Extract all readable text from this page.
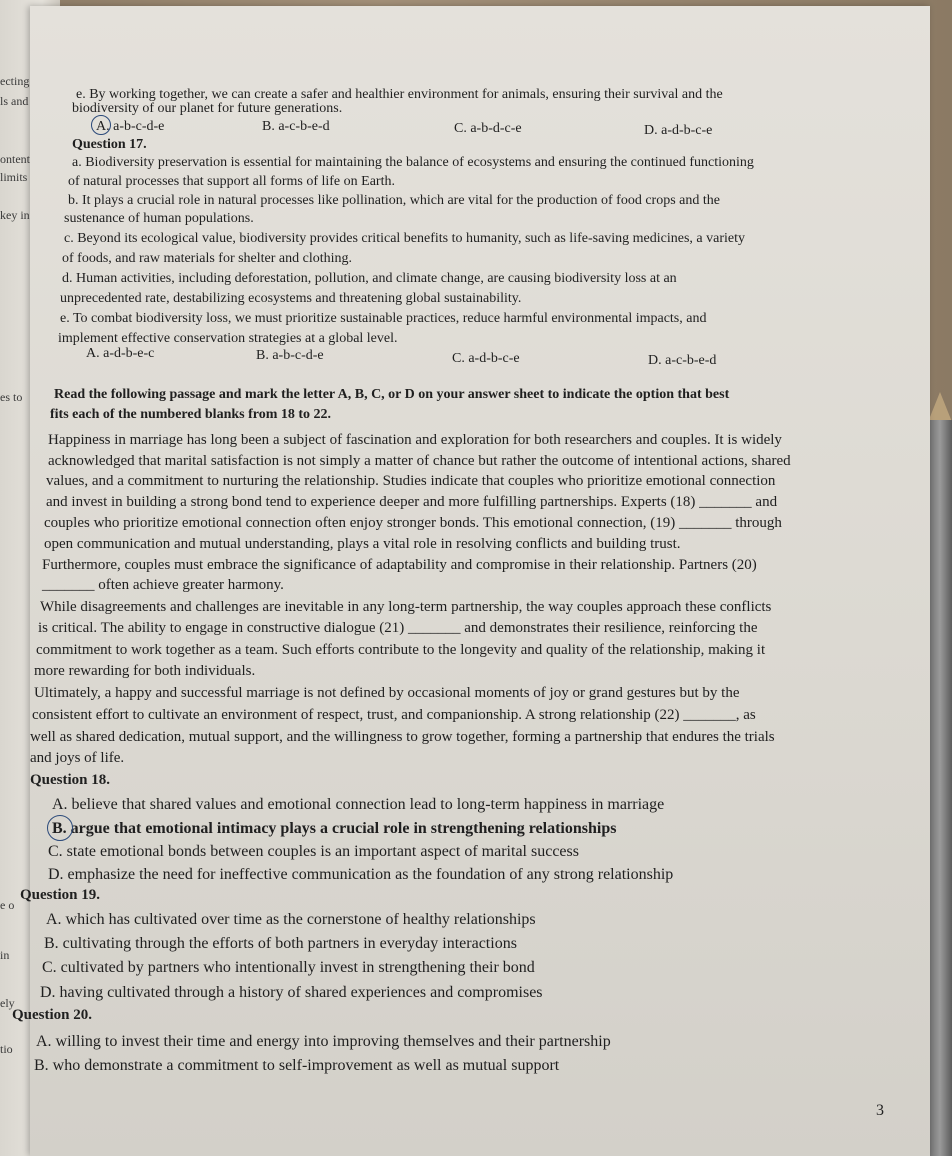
ecting
ls and
ontent
limits
key in
es to
e o
in
ely
tio
e. By working together, we can create a safer and healthier environment for animals, ensuring their survival and the
biodiversity of our planet for future generations.
A. a-b-c-d-e	B. a-c-b-e-d	C. a-b-d-c-e	D. a-d-b-c-e
Question 17.
a. Biodiversity preservation is essential for maintaining the balance of ecosystems and ensuring the continued functioning
of natural processes that support all forms of life on Earth.
b. It plays a crucial role in natural processes like pollination, which are vital for the production of food crops and the
sustenance of human populations.
c. Beyond its ecological value, biodiversity provides critical benefits to humanity, such as life-saving medicines, a variety
of foods, and raw materials for shelter and clothing.
d. Human activities, including deforestation, pollution, and climate change, are causing biodiversity loss at an
unprecedented rate, destabilizing ecosystems and threatening global sustainability.
e. To combat biodiversity loss, we must prioritize sustainable practices, reduce harmful environmental impacts, and
implement effective conservation strategies at a global level.
A. a-d-b-e-c	B. a-b-c-d-e	C. a-d-b-c-e	D. a-c-b-e-d
Read the following passage and mark the letter A, B, C, or D on your answer sheet to indicate the option that best
fits each of the numbered blanks from 18 to 22.
Happiness in marriage has long been a subject of fascination and exploration for both researchers and couples. It is widely
acknowledged that marital satisfaction is not simply a matter of chance but rather the outcome of intentional actions, shared
values, and a commitment to nurturing the relationship. Studies indicate that couples who prioritize emotional connection
and invest in building a strong bond tend to experience deeper and more fulfilling partnerships. Experts (18) _______ and
couples who prioritize emotional connection often enjoy stronger bonds. This emotional connection, (19) _______ through
open communication and mutual understanding, plays a vital role in resolving conflicts and building trust.
Furthermore, couples must embrace the significance of adaptability and compromise in their relationship. Partners (20)
_______ often achieve greater harmony.
While disagreements and challenges are inevitable in any long-term partnership, the way couples approach these conflicts
is critical. The ability to engage in constructive dialogue (21) _______ and demonstrates their resilience, reinforcing the
commitment to work together as a team. Such efforts contribute to the longevity and quality of the relationship, making it
more rewarding for both individuals.
Ultimately, a happy and successful marriage is not defined by occasional moments of joy or grand gestures but by the
consistent effort to cultivate an environment of respect, trust, and companionship. A strong relationship (22) _______, as
well as shared dedication, mutual support, and the willingness to grow together, forming a partnership that endures the trials
and joys of life.
Question 18.
A. believe that shared values and emotional connection lead to long-term happiness in marriage
B. argue that emotional intimacy plays a crucial role in strengthening relationships
C. state emotional bonds between couples is an important aspect of marital success
D. emphasize the need for ineffective communication as the foundation of any strong relationship
Question 19.
A. which has cultivated over time as the cornerstone of healthy relationships
B. cultivating through the efforts of both partners in everyday interactions
C. cultivated by partners who intentionally invest in strengthening their bond
D. having cultivated through a history of shared experiences and compromises
Question 20.
A. willing to invest their time and energy into improving themselves and their partnership
B. who demonstrate a commitment to self-improvement as well as mutual support
3
